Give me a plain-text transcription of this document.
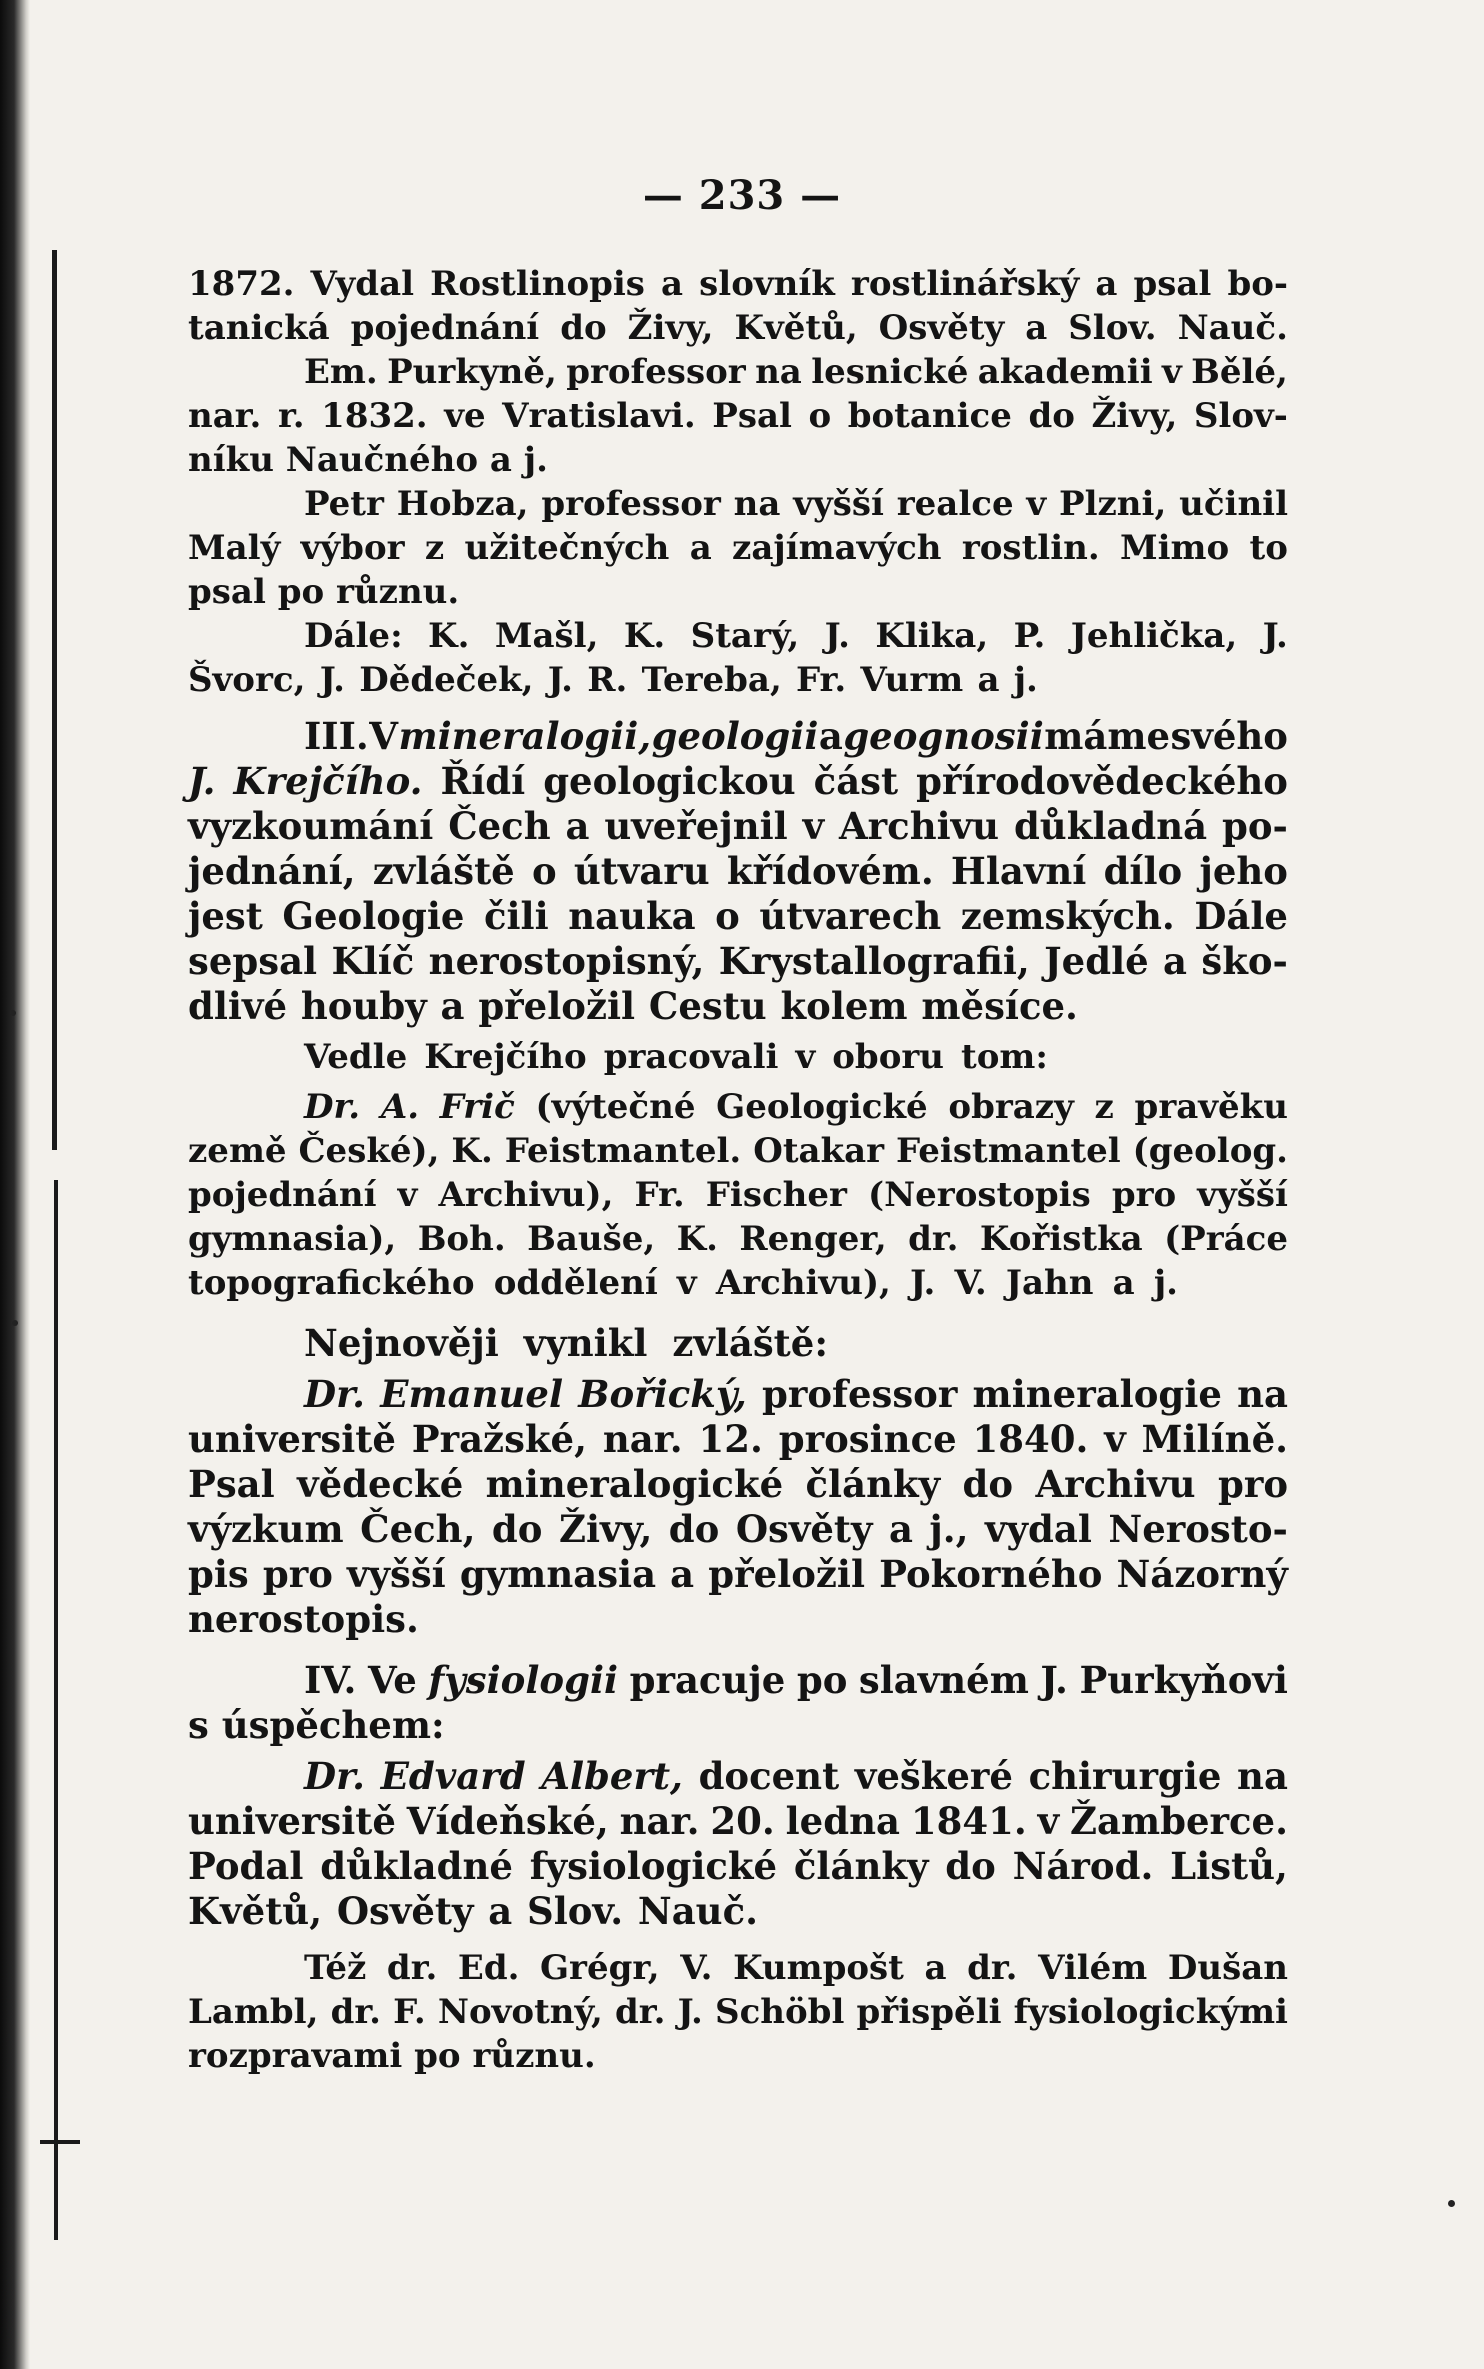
— 233 —
1872. Vydal Rostlinopis a slovník rostlinářský a psal bo-
tanická pojednání do Živy, Květů, Osvěty a Slov. Nauč.
Em. Purkyně, professor na lesnické akademii v Bělé,
nar. r. 1832. ve Vratislavi. Psal o botanice do Živy, Slov-
níku
Naučného
a
j.
Petr Hobza, professor na vyšší realce v Plzni, učinil
Malý výbor z užitečných a zajímavých rostlin. Mimo to
psal
po
různu.
Dále: K. Mašl, K. Starý, J. Klika, P. Jehlička, J.
Švorc, J. Dědeček, J. R. Tereba, Fr. Vurm a j.
III. V mineralogii, geologii a geognosii máme svého
J. Krejčího. Řídí geologickou část přírodovědeckého
vyzkoumání Čech a uveřejnil v Archivu důkladná po-
jednání, zvláště o útvaru křídovém. Hlavní dílo jeho
jest Geologie čili nauka o útvarech zemských. Dále
sepsal Klíč nerostopisný, Krystallografii, Jedlé a ško-
dlivé houby a přeložil Cestu kolem měsíce.
Vedle Krejčího pracovali v oboru tom:
Dr. A. Frič (výtečné Geologické obrazy z pravěku
země České), K. Feistmantel. Otakar Feistmantel (geolog.
pojednání v Archivu), Fr. Fischer (Nerostopis pro vyšší
gymnasia), Boh. Bauše, K. Renger, dr. Kořistka (Práce
topografického oddělení v Archivu), J. V. Jahn a j.
Nejnověji vynikl zvláště:
Dr. Emanuel Bořický, professor mineralogie na
universitě Pražské, nar. 12. prosince 1840. v Milíně.
Psal vědecké mineralogické články do Archivu pro
výzkum Čech, do Živy, do Osvěty a j., vydal Nerosto-
pis pro vyšší gymnasia a přeložil Pokorného Názorný
nerostopis.
IV. Ve fysiologii pracuje po slavném J. Purkyňovi
s
úspěchem:
Dr. Edvard Albert, docent veškeré chirurgie na
universitě Vídeňské, nar. 20. ledna 1841. v Žamberce.
Podal důkladné fysiologické články do Národ. Listů,
Květů, Osvěty a Slov. Nauč.
Též dr. Ed. Grégr, V. Kumpošt a dr. Vilém Dušan
Lambl, dr. F. Novotný, dr. J. Schöbl přispěli fysiologickými
rozpravami
po
různu.
